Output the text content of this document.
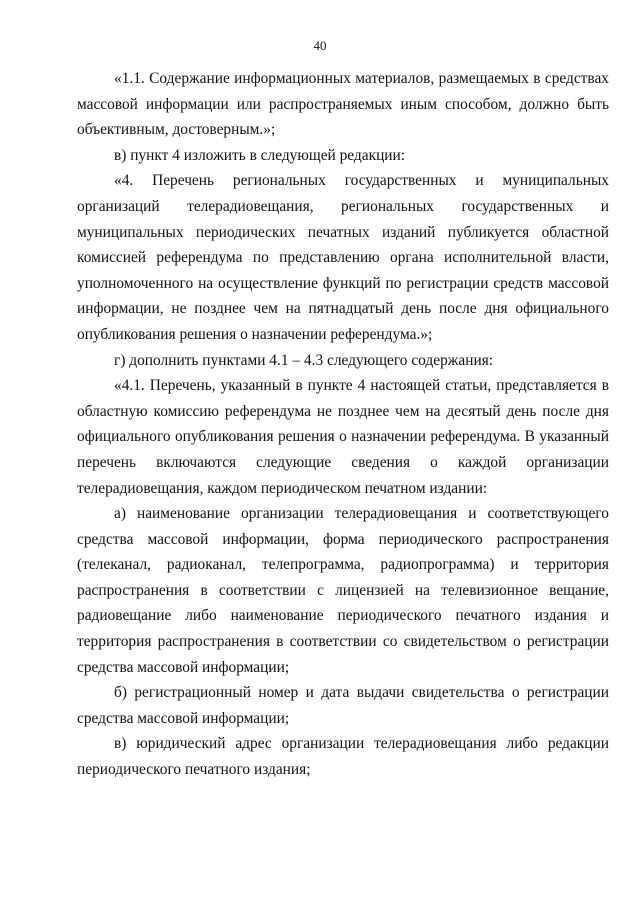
40

«1.1. Содержание информационных материалов, размещаемых в средствах массовой информации или распространяемых иным способом, должно быть объективным, достоверным.»;

в) пункт 4 изложить в следующей редакции:

«4. Перечень региональных государственных и муниципальных организаций телерадиовещания, региональных государственных и муниципальных периодических печатных изданий публикуется областной комиссией референдума по представлению органа исполнительной власти, уполномоченного на осуществление функций по регистрации средств массовой информации, не позднее чем на пятнадцатый день после дня официального опубликования решения о назначении референдума.»;

г) дополнить пунктами 4.1 – 4.3 следующего содержания:

«4.1. Перечень, указанный в пункте 4 настоящей статьи, представляется в областную комиссию референдума не позднее чем на десятый день после дня официального опубликования решения о назначении референдума. В указанный перечень включаются следующие сведения о каждой организации телерадиовещания, каждом периодическом печатном издании:

а) наименование организации телерадиовещания и соответствующего средства массовой информации, форма периодического распространения (телеканал, радиоканал, телепрограмма, радиопрограмма) и территория распространения в соответствии с лицензией на телевизионное вещание, радиовещание либо наименование периодического печатного издания и территория распространения в соответствии со свидетельством о регистрации средства массовой информации;

б) регистрационный номер и дата выдачи свидетельства о регистрации средства массовой информации;

в) юридический адрес организации телерадиовещания либо редакции периодического печатного издания;
